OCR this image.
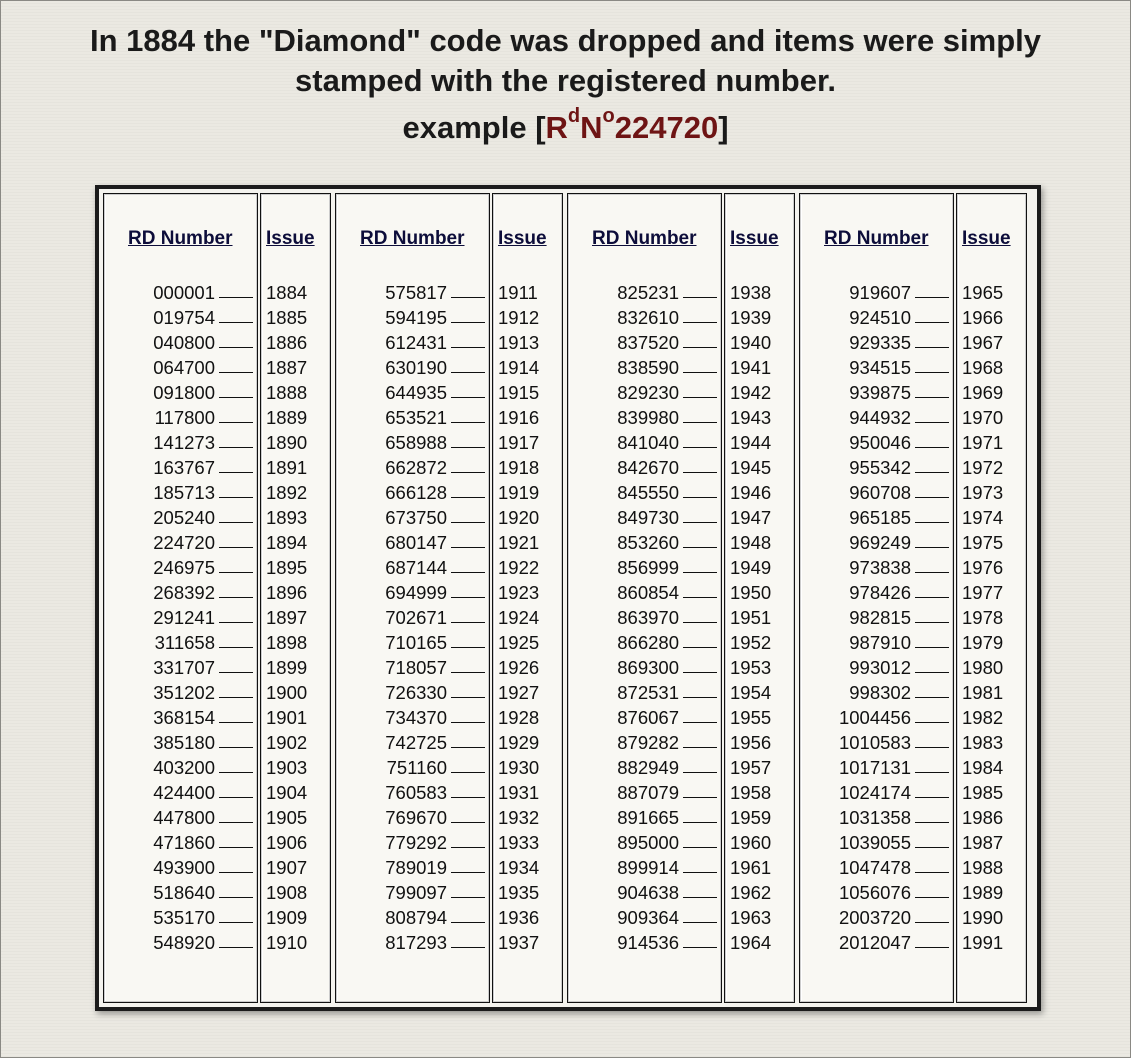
In 1884 the "Diamond" code was dropped and items were simply
stamped with the registered number.
example $[R^dN^o224720]$
RD Number
000001
019754
040800
064700
091800
117800
141273
163767
185713
205240
224720
246975
268392
291241
311658
331707
351202
368154
385180
403200
424400
447800
471860
493900
518640
535170
548920
Issue
1884
1885
1886
1887
1888
1889
1890
1891
1892
1893
1894
1895
1896
1897
1898
1899
1900
1901
1902
1903
1904
1905
1906
1907
1908
1909
1910
RD Number
575817
594195
612431
630190
644935
653521
658988
662872
666128
673750
680147
687144
694999
702671
710165
718057
726330
734370
742725
751160
760583
769670
779292
789019
799097
808794
817293
Issue
1911
1912
1913
1914
1915
1916
1917
1918
1919
1920
1921
1922
1923
1924
1925
1926
1927
1928
1929
1930
1931
1932
1933
1934
1935
1936
1937
RD Number
825231
832610
837520
838590
829230
839980
841040
842670
845550
849730
853260
856999
860854
863970
866280
869300
872531
876067
879282
882949
887079
891665
895000
899914
904638
909364
914536
Issue
1938
1939
1940
1941
1942
1943
1944
1945
1946
1947
1948
1949
1950
1951
1952
1953
1954
1955
1956
1957
1958
1959
1960
1961
1962
1963
1964
RD Number
919607
924510
929335
934515
939875
944932
950046
955342
960708
965185
969249
973838
978426
982815
987910
993012
998302
1004456
1010583
1017131
1024174
1031358
1039055
1047478
1056076
2003720
2012047
Issue
1965
1966
1967
1968
1969
1970
1971
1972
1973
1974
1975
1976
1977
1978
1979
1980
1981
1982
1983
1984
1985
1986
1987
1988
1989
1990
1991
